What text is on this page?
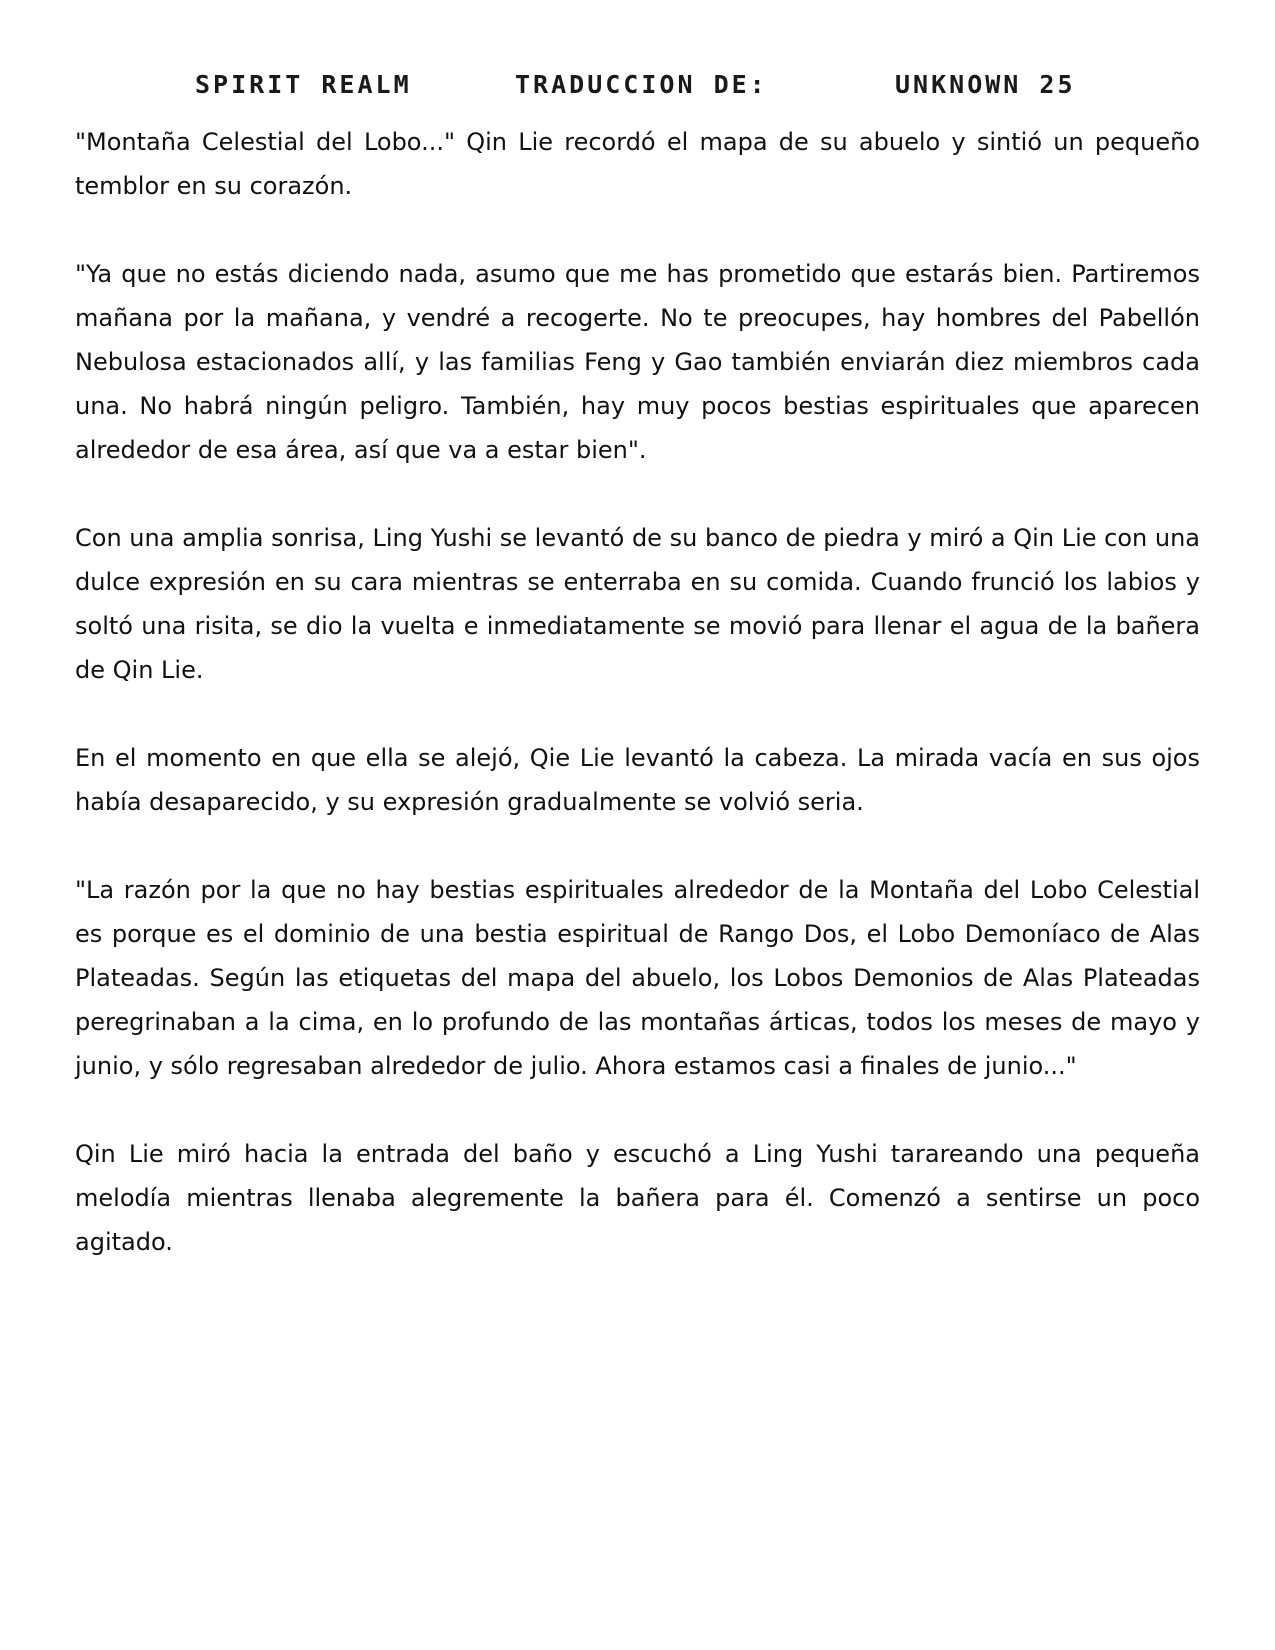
SPIRIT REALM	TRADUCCION DE:	UNKNOWN 25

"Montaña Celestial del Lobo..." Qin Lie recordó el mapa de su abuelo y sintió un pequeño temblor en su corazón.

"Ya que no estás diciendo nada, asumo que me has prometido que estarás bien. Partiremos mañana por la mañana, y vendré a recogerte. No te preocupes, hay hombres del Pabellón Nebulosa estacionados allí, y las familias Feng y Gao también enviarán diez miembros cada una. No habrá ningún peligro. También, hay muy pocos bestias espirituales que aparecen alrededor de esa área, así que va a estar bien".

Con una amplia sonrisa, Ling Yushi se levantó de su banco de piedra y miró a Qin Lie con una dulce expresión en su cara mientras se enterraba en su comida. Cuando frunció los labios y soltó una risita, se dio la vuelta e inmediatamente se movió para llenar el agua de la bañera de Qin Lie.

En el momento en que ella se alejó, Qie Lie levantó la cabeza. La mirada vacía en sus ojos había desaparecido, y su expresión gradualmente se volvió seria.

"La razón por la que no hay bestias espirituales alrededor de la Montaña del Lobo Celestial es porque es el dominio de una bestia espiritual de Rango Dos, el Lobo Demoníaco de Alas Plateadas. Según las etiquetas del mapa del abuelo, los Lobos Demonios de Alas Plateadas peregrinaban a la cima, en lo profundo de las montañas árticas, todos los meses de mayo y junio, y sólo regresaban alrededor de julio. Ahora estamos casi a finales de junio..."

Qin Lie miró hacia la entrada del baño y escuchó a Ling Yushi tarareando una pequeña melodía mientras llenaba alegremente la bañera para él. Comenzó a sentirse un poco agitado.
